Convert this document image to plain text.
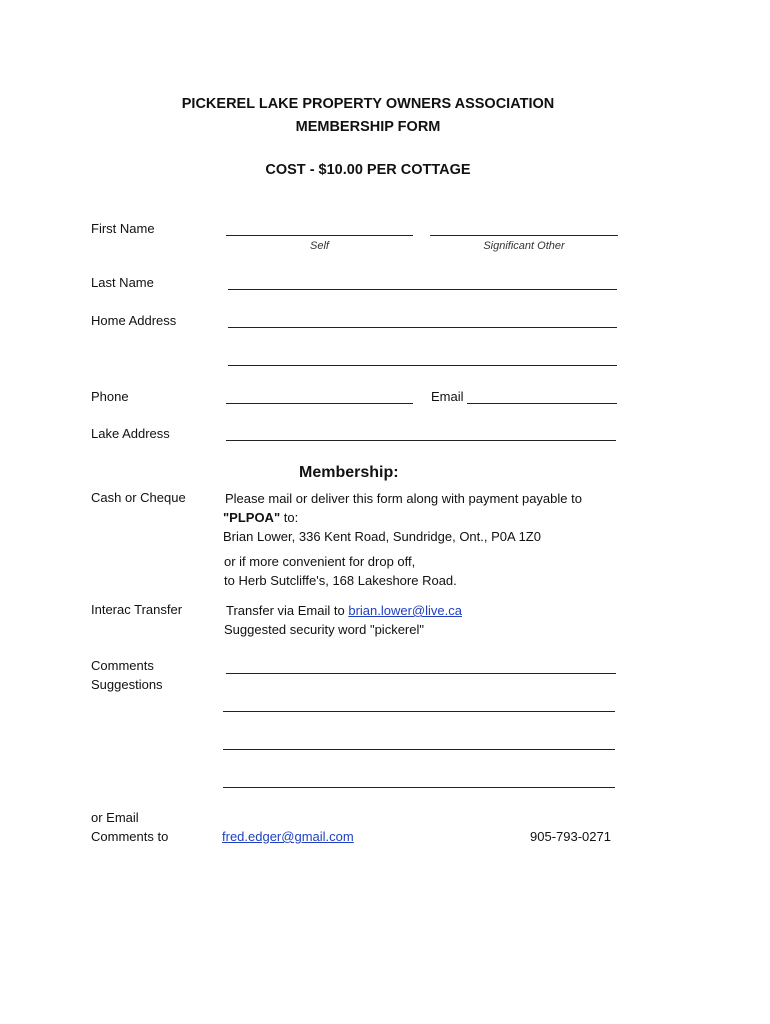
PICKEREL LAKE PROPERTY OWNERS ASSOCIATION
MEMBERSHIP FORM
COST - $10.00 PER COTTAGE
First Name
Self	Significant Other
Last Name
Home Address
Phone	Email
Lake Address
Membership:
Cash or Cheque	Please mail or deliver this form along with payment payable to
"PLPOA" to:
Brian Lower, 336 Kent Road, Sundridge, Ont., P0A 1Z0
or if more convenient for drop off,
to Herb Sutcliffe's, 168 Lakeshore Road.
Interac Transfer	Transfer via Email to brian.lower@live.ca
Suggested security word "pickerel"
Comments
Suggestions
or Email
Comments to	fred.edger@gmail.com	905-793-0271
